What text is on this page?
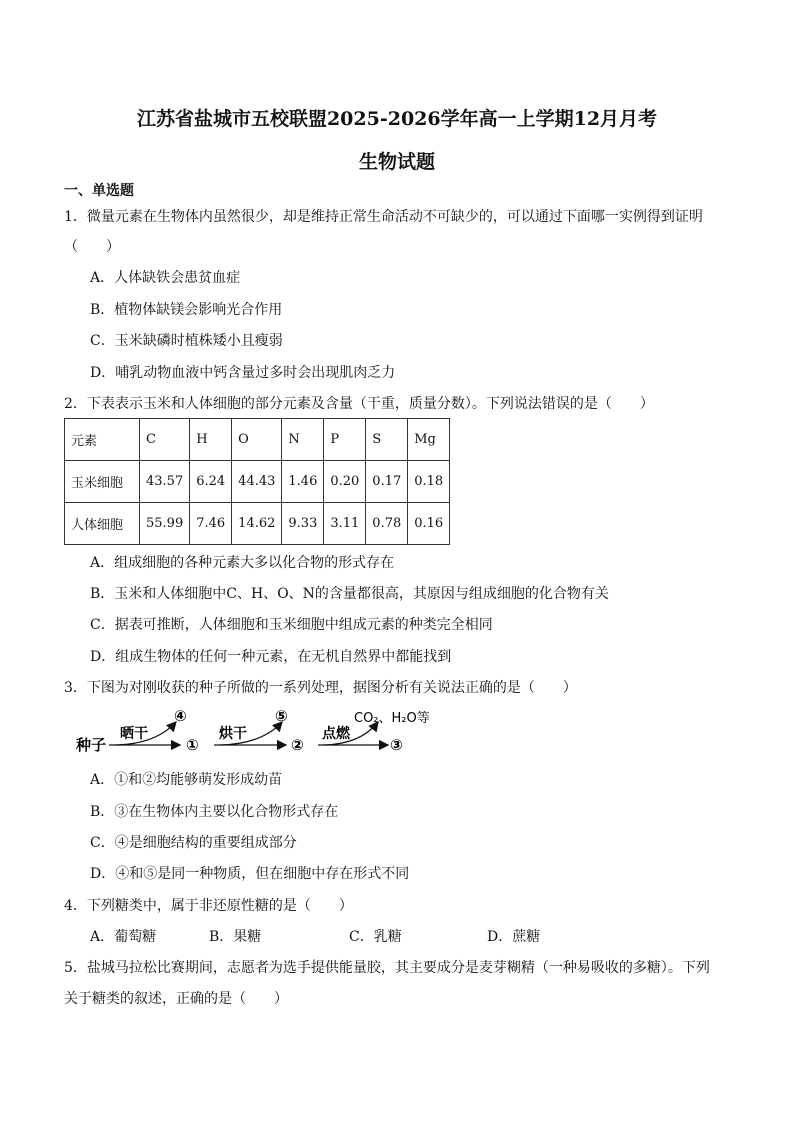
江苏省盐城市五校联盟2025-2026学年高一上学期12月月考
生物试题
一、单选题
1．微量元素在生物体内虽然很少，却是维持正常生命活动不可缺少的，可以通过下面哪一实例得到证明
（　　）
A．人体缺铁会患贫血症
B．植物体缺镁会影响光合作用
C．玉米缺磷时植株矮小且瘦弱
D．哺乳动物血液中钙含量过多时会出现肌肉乏力
2．下表表示玉米和人体细胞的部分元素及含量（干重，质量分数）。下列说法错误的是（　　）
元素	C	H	O	N	P	S	Mg
玉米细胞	43.57	6.24	44.43	1.46	0.20	0.17	0.18
人体细胞	55.99	7.46	14.62	9.33	3.11	0.78	0.16
A．组成细胞的各种元素大多以化合物的形式存在
B．玉米和人体细胞中C、H、O、N的含量都很高，其原因与组成细胞的化合物有关
C．据表可推断，人体细胞和玉米细胞中组成元素的种类完全相同
D．组成生物体的任何一种元素，在无机自然界中都能找到
3．下图为对刚收获的种子所做的一系列处理，据图分析有关说法正确的是（　　）
种子
晒干
④
①
烘干
⑤
②
点燃
CO₂、H₂O等
③
A．①和②均能够萌发形成幼苗
B．③在生物体内主要以化合物形式存在
C．④是细胞结构的重要组成部分
D．④和⑤是同一种物质，但在细胞中存在形式不同
4．下列糖类中，属于非还原性糖的是（　　）
A．葡萄糖	B．果糖	C．乳糖	D．蔗糖
5．盐城马拉松比赛期间，志愿者为选手提供能量胶，其主要成分是麦芽糊精（一种易吸收的多糖）。下列
关于糖类的叙述，正确的是（　　）
